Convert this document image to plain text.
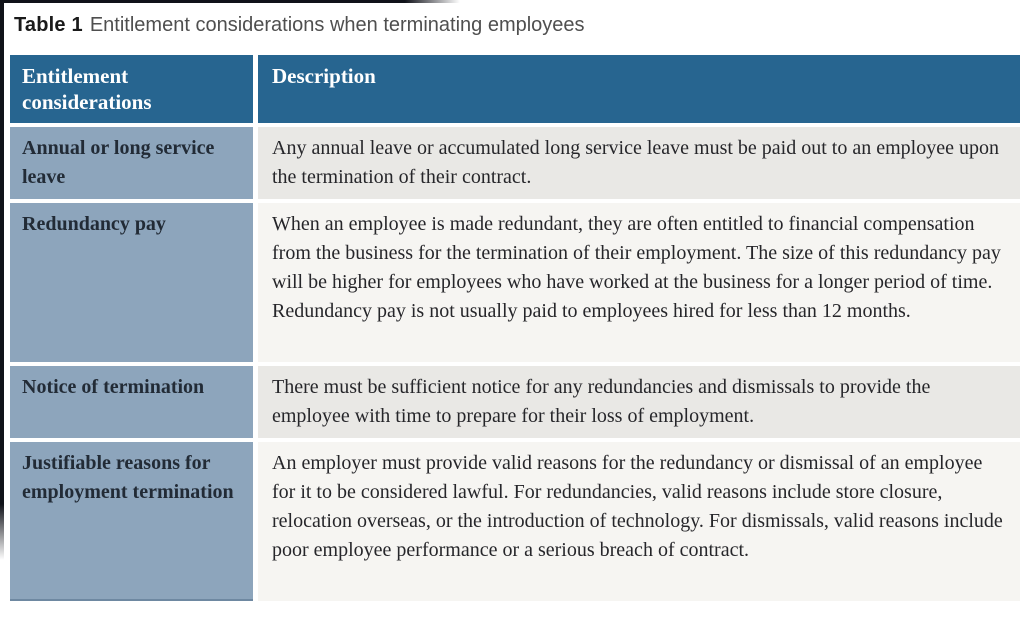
Table 1 Entitlement considerations when terminating employees
Entitlement considerations
Description
Annual or long service leave
Any annual leave or accumulated long service leave must be paid out to an employee upon the termination of their contract.
Redundancy pay	When an employee is made redundant, they are often entitled to financial compensation from the business for the termination of their employment. The size of this redundancy pay will be higher for employees who have worked at the business for a longer period of time. Redundancy pay is not usually paid to employees hired for less than 12 months.
Notice of termination	There must be sufficient notice for any redundancies and dismissals to provide the employee with time to prepare for their loss of employment.
Justifiable reasons for employment termination
An employer must provide valid reasons for the redundancy or dismissal of an employee for it to be considered lawful. For redundancies, valid reasons include store closure, relocation overseas, or the introduction of technology. For dismissals, valid reasons include poor employee performance or a serious breach of contract.
